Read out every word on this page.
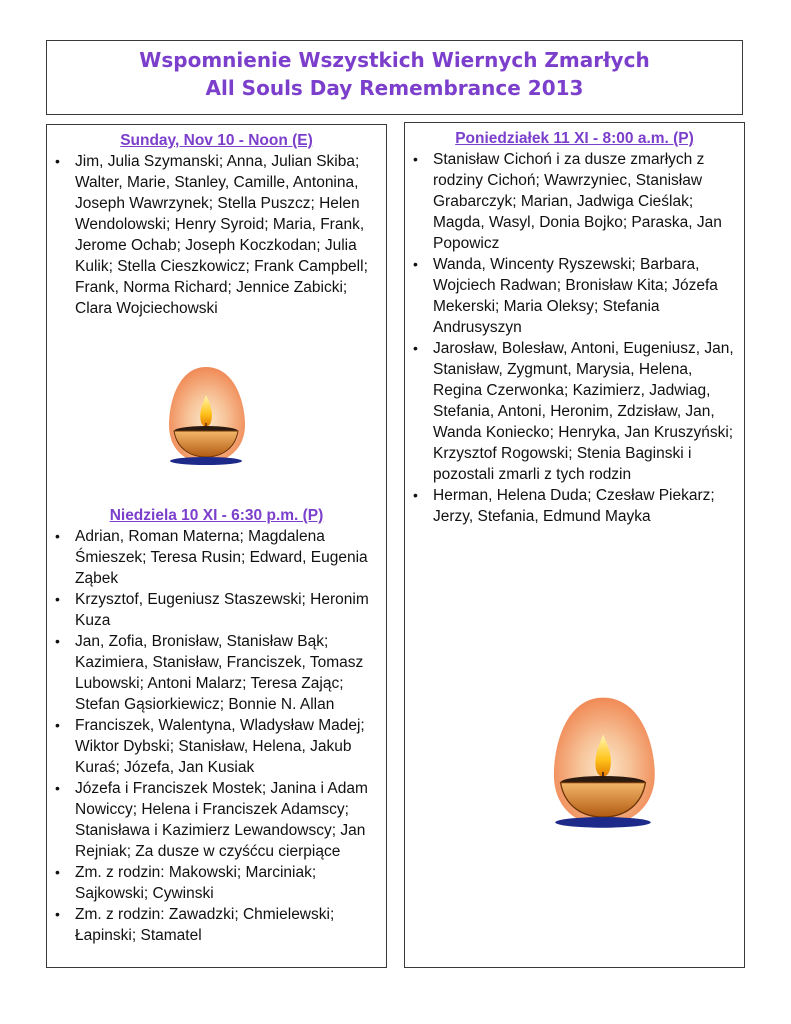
Wspomnienie Wszystkich Wiernych Zmarłych
All Souls Day Remembrance 2013
Sunday, Nov 10 - Noon (E)
• Jim, Julia Szymanski; Anna, Julian Skiba; Walter, Marie, Stanley, Camille, Antonina, Joseph Wawrzynek; Stella Puszcz; Helen Wendolowski; Henry Syroid; Maria, Frank, Jerome Ochab; Joseph Koczkodan; Julia Kulik; Stella Cieszkowicz; Frank Campbell; Frank, Norma Richard; Jennice Zabicki; Clara Wojciechowski
Niedziela 10 XI - 6:30 p.m. (P)
• Adrian, Roman Materna; Magdalena Śmieszek; Teresa Rusin; Edward, Eugenia Ząbek
• Krzysztof, Eugeniusz Staszewski; Heronim Kuza
• Jan, Zofia, Bronisław, Stanisław Bąk; Kazimiera, Stanisław, Franciszek, Tomasz Lubowski; Antoni Malarz; Teresa Zając; Stefan Gąsiorkiewicz; Bonnie N. Allan
• Franciszek, Walentyna, Wladysław Madej; Wiktor Dybski; Stanisław, Helena, Jakub Kuraś; Józefa, Jan Kusiak
• Józefa i Franciszek Mostek; Janina i Adam Nowiccy; Helena i Franciszek Adamscy; Stanisława i Kazimierz Lewandowscy; Jan Rejniak; Za dusze w czyśćcu cierpiące
• Zm. z rodzin: Makowski; Marciniak; Sajkowski; Cywinski
• Zm. z rodzin: Zawadzki; Chmielewski; Łapinski; Stamatel
Poniedziałek 11 XI - 8:00 a.m. (P)
• Stanisław Cichoń i za dusze zmarłych z rodziny Cichoń; Wawrzyniec, Stanisław Grabarczyk; Marian, Jadwiga Cieślak; Magda, Wasyl, Donia Bojko; Paraska, Jan Popowicz
• Wanda, Wincenty Ryszewski; Barbara, Wojciech Radwan; Bronisław Kita; Józefa Mekerski; Maria Oleksy; Stefania Andrusyszyn
• Jarosław, Bolesław, Antoni, Eugeniusz, Jan, Stanisław, Zygmunt, Marysia, Helena, Regina Czerwonka; Kazimierz, Jadwiag, Stefania, Antoni, Heronim, Zdzisław, Jan, Wanda Koniecko; Henryka, Jan Kruszyński; Krzysztof Rogowski; Stenia Baginski i pozostali zmarli z tych rodzin
• Herman, Helena Duda; Czesław Piekarz; Jerzy, Stefania, Edmund Mayka
